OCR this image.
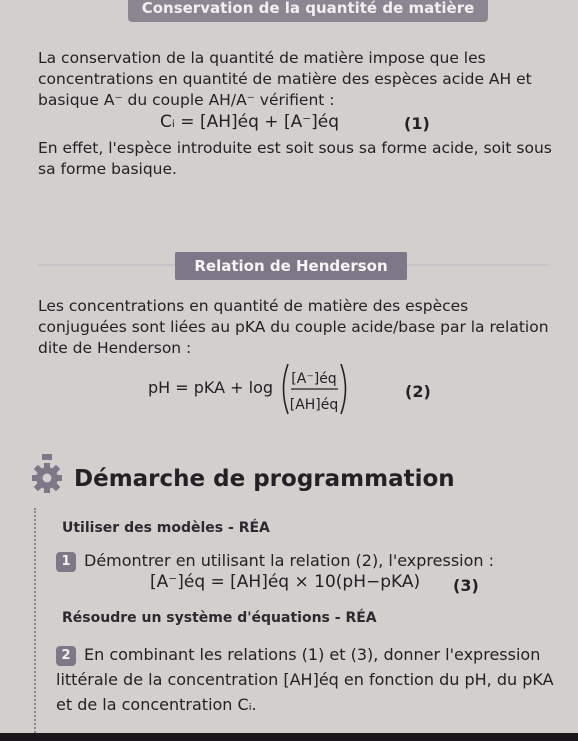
Conservation de la quantité de matière
La conservation de la quantité de matière impose que les concentrations en quantité de matière des espèces acide AH et basique A⁻ du couple AH/A⁻ vérifient :
Cᵢ = [AH]éq + [A⁻]éq	(1)
En effet, l'espèce introduite est soit sous sa forme acide, soit sous sa forme basique.
Relation de Henderson
Les concentrations en quantité de matière des espèces conjuguées sont liées au pKA du couple acide/base par la relation dite de Henderson :
pH = pKA + log [A⁻]éq
[AH]éq
(2)
Démarche de programmation
Utiliser des modèles - RÉA
1 Démontrer en utilisant la relation (2), l'expression :
[A⁻]éq = [AH]éq × 10(pH−pKA) (3)
Résoudre un système d'équations - RÉA
2 En combinant les relations (1) et (3), donner l'expression littérale de la concentration [AH]éq en fonction du pH, du pKA et de la concentration Cᵢ.
